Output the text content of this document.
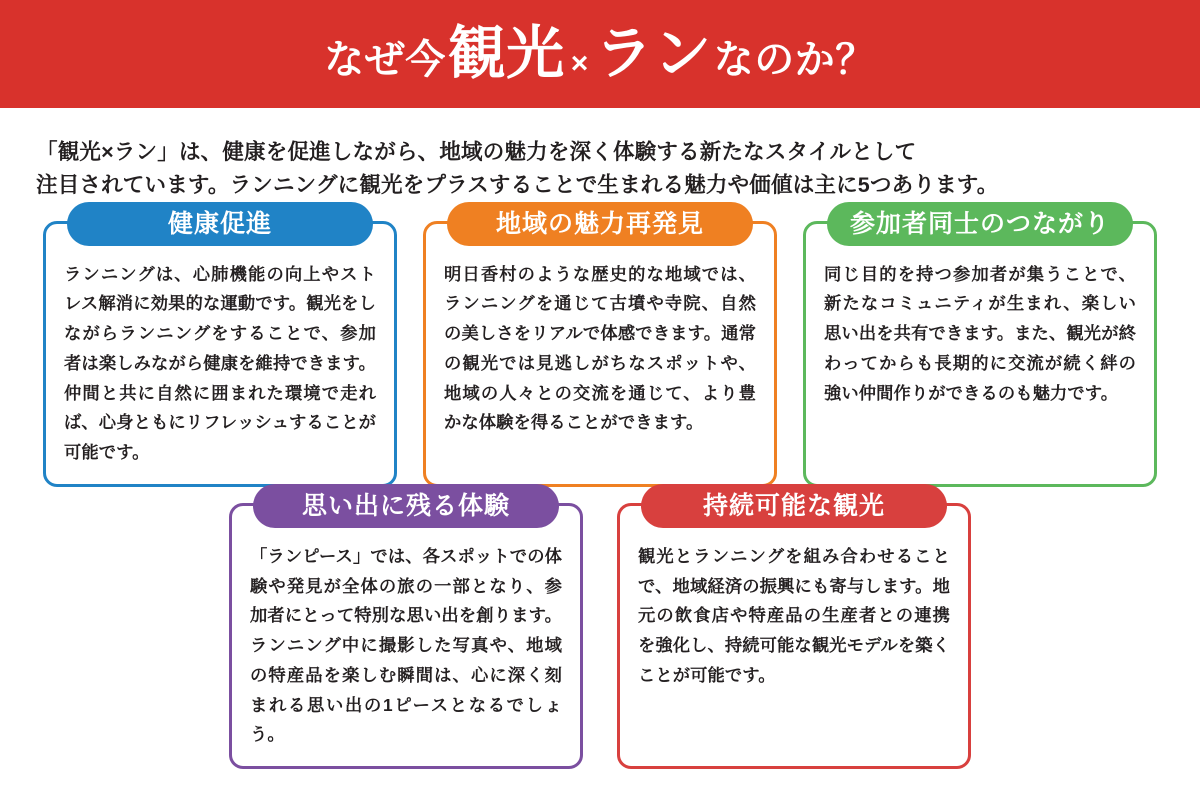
なぜ今 観光 × ラン なのか？
「観光×ラン」は、健康を促進しながら、地域の魅力を深く体験する新たなスタイルとして
注目されています。ランニングに観光をプラスすることで生まれる魅力や価値は主に5つあります。
健康促進
ランニングは、心肺機能の向上やストレス解消に効果的な運動です。観光をしながらランニングをすることで、参加者は楽しみながら健康を維持できます。仲間と共に自然に囲まれた環境で走れば、心身ともにリフレッシュすることが可能です。
地域の魅力再発見
明日香村のような歴史的な地域では、ランニングを通じて古墳や寺院、自然の美しさをリアルで体感できます。通常の観光では見逃しがちなスポットや、地域の人々との交流を通じて、より豊かな体験を得ることができます。
参加者同士のつながり
同じ目的を持つ参加者が集うことで、新たなコミュニティが生まれ、楽しい思い出を共有できます。また、観光が終わってからも長期的に交流が続く絆の強い仲間作りができるのも魅力です。
思い出に残る体験
「ランピース」では、各スポットでの体験や発見が全体の旅の一部となり、参加者にとって特別な思い出を創ります。ランニング中に撮影した写真や、地域の特産品を楽しむ瞬間は、心に深く刻まれる思い出の1ピースとなるでしょう。
持続可能な観光
観光とランニングを組み合わせることで、地域経済の振興にも寄与します。地元の飲食店や特産品の生産者との連携を強化し、持続可能な観光モデルを築くことが可能です。
